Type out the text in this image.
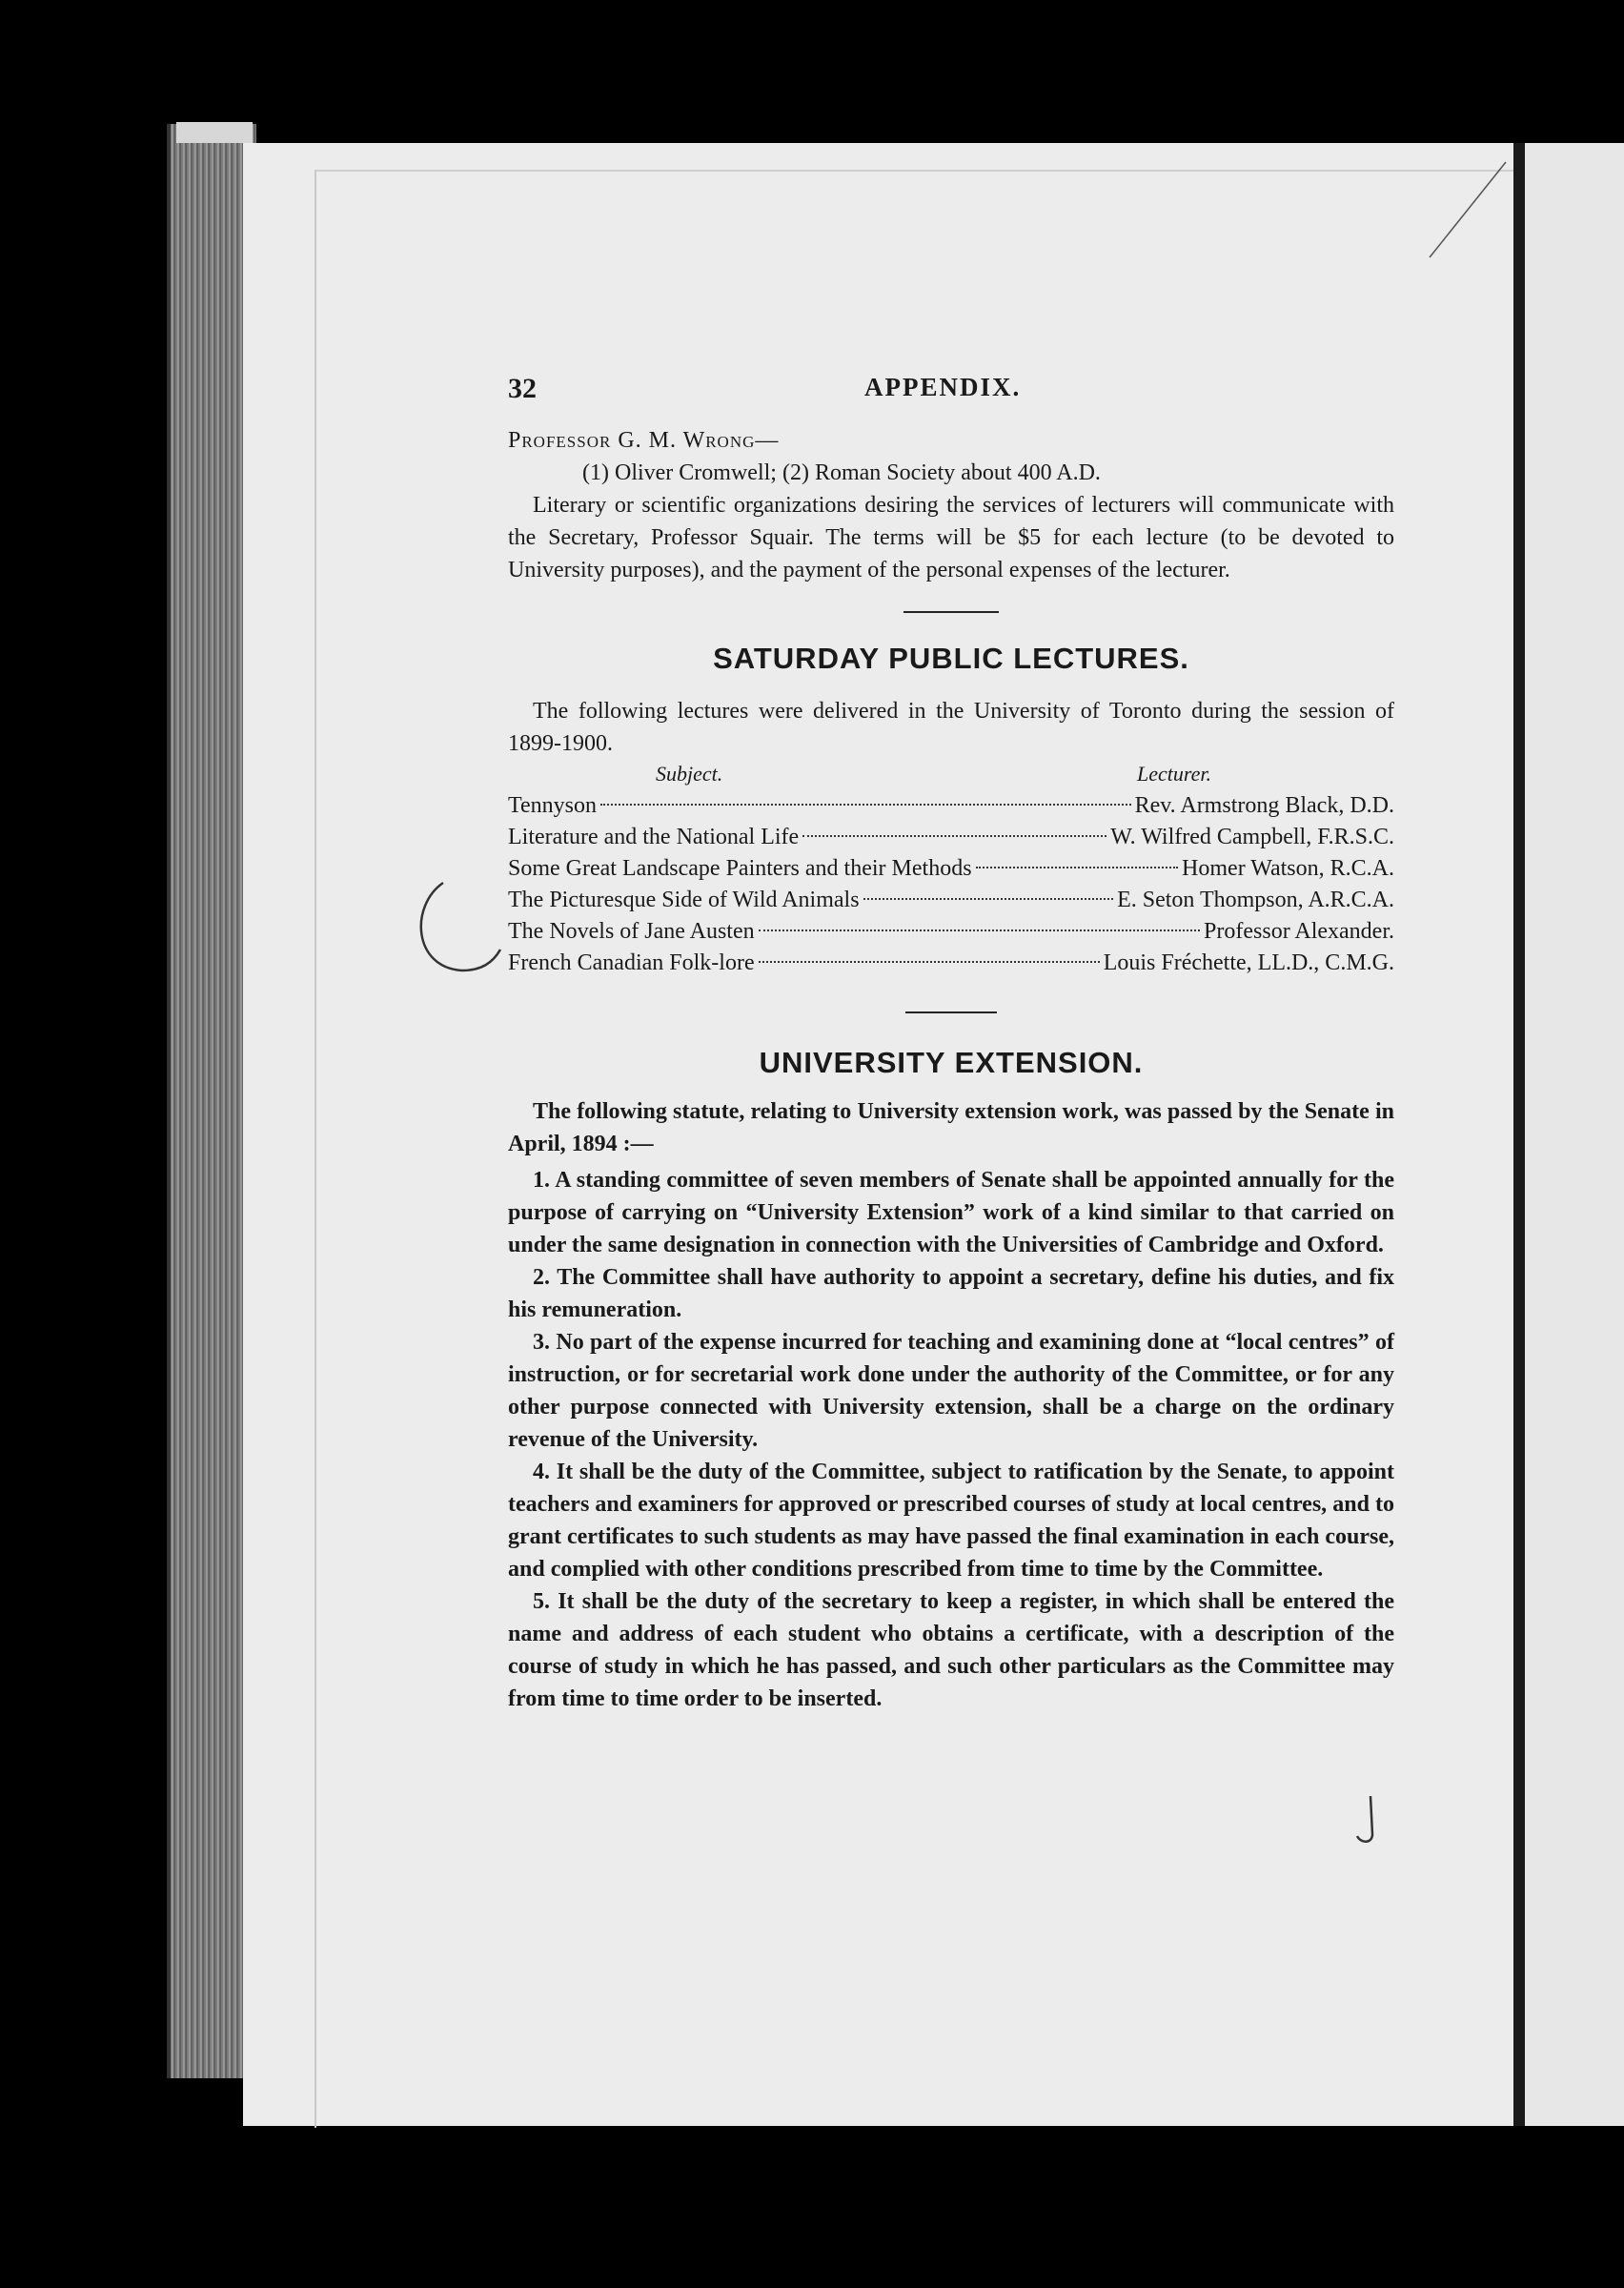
32	APPENDIX.

Professor G. M. Wrong—

(1) Oliver Cromwell; (2) Roman Society about 400 A.D.

Literary or scientific organizations desiring the services of lecturers will communicate with the Secretary, Professor Squair. The terms will be $5 for each lecture (to be devoted to University purposes), and the payment of the personal expenses of the lecturer.

SATURDAY PUBLIC LECTURES.

The following lectures were delivered in the University of Toronto during the session of 1899-1900.

Subject.	Lecturer.
Tennyson	Rev. Armstrong Black, D.D.
Literature and the National Life	W. Wilfred Campbell, F.R.S.C.
Some Great Landscape Painters and their Methods	Homer Watson, R.C.A.
The Picturesque Side of Wild Animals	E. Seton Thompson, A.R.C.A.
The Novels of Jane Austen	Professor Alexander.
French Canadian Folk-lore	Louis Fréchette, LL.D., C.M.G.
UNIVERSITY EXTENSION.

The following statute, relating to University extension work, was passed by the Senate in April, 1894 :—

1. A standing committee of seven members of Senate shall be appointed annually for the purpose of carrying on “University Extension” work of a kind similar to that carried on under the same designation in connection with the Universities of Cambridge and Oxford.

2. The Committee shall have authority to appoint a secretary, define his duties, and fix his remuneration.

3. No part of the expense incurred for teaching and examining done at “local centres” of instruction, or for secretarial work done under the authority of the Committee, or for any other purpose connected with University extension, shall be a charge on the ordinary revenue of the University.

4. It shall be the duty of the Committee, subject to ratification by the Senate, to appoint teachers and examiners for approved or prescribed courses of study at local centres, and to grant certificates to such students as may have passed the final examination in each course, and complied with other conditions prescribed from time to time by the Committee.

5. It shall be the duty of the secretary to keep a register, in which shall be entered the name and address of each student who obtains a certificate, with a description of the course of study in which he has passed, and such other particulars as the Committee may from time to time order to be inserted.
